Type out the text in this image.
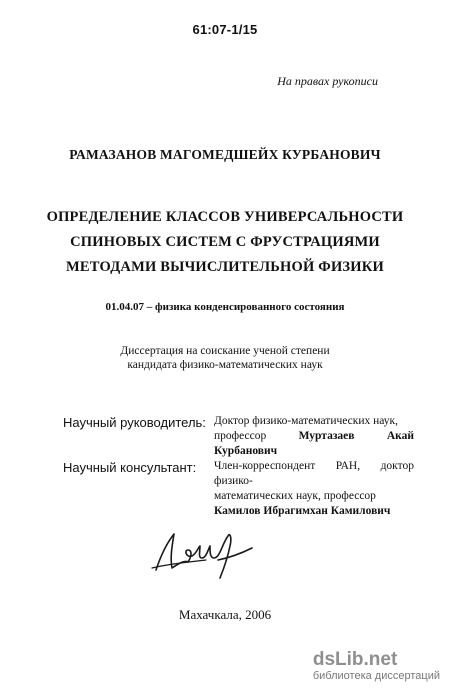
61:07-1/15
На правах рукописи
РАМАЗАНОВ МАГОМЕДШЕЙХ КУРБАНОВИЧ
ОПРЕДЕЛЕНИЕ КЛАССОВ УНИВЕРСАЛЬНОСТИ
СПИНОВЫХ СИСТЕМ С ФРУСТРАЦИЯМИ
МЕТОДАМИ ВЫЧИСЛИТЕЛЬНОЙ ФИЗИКИ
01.04.07 – физика конденсированного состояния
Диссертация на соискание ученой степени
кандидата физико-математических наук
Научный руководитель: Доктор физико-математических наук,
профессор Муртазаев Акай Курбанович
Научный консультант: Член-корреспондент РАН, доктор физико-
математических наук, профессор
Камилов Ибрагимхан Камилович
Махачкала, 2006
dsLib.net
библиотека диссертаций
